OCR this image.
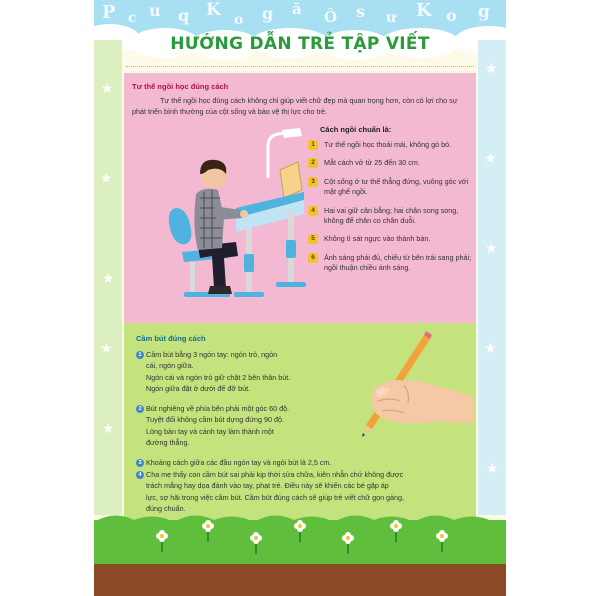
P c u q K o g ă Ô s ư K o g
★
★
★
★
★
★
★
★
★
★
HƯỚNG DẪN TRẺ TẬP VIẾT
Tư thế ngồi học đúng cách
Tư thế ngồi học đúng cách không chỉ giúp viết chữ đẹp mà quan trọng hơn, còn có lợi cho sự phát triển bình thường của cột sống và bảo vệ thị lực cho trẻ.
Cách ngồi chuẩn là:
1	Tư thế ngồi học thoải mái, không gò bó.
2	Mắt cách vở từ 25 đến 30 cm.
3	Cột sống ở tư thế thẳng đứng, vuông góc với mặt ghế ngồi.
4	Hai vai giữ cân bằng; hai chân song song, không để chân co chân duỗi.
5	Không tì sát ngực vào thành bàn.
6	Ánh sáng phải đủ, chiếu từ bên trái sang phải; ngồi thuận chiều ánh sáng.
Cầm bút đúng cách
1 Cầm bút bằng 3 ngón tay: ngón trỏ, ngón
cái, ngón giữa.
Ngón cái và ngón trỏ giữ chặt 2 bên thân bút.
Ngón giữa đặt ở dưới để đỡ bút.
2 Bút nghiêng về phía bên phải một góc 60 độ.
Tuyệt đối không cầm bút dựng đứng 90 độ.
Lòng bàn tay và cánh tay làm thành một
đường thẳng.
3 Khoảng cách giữa các đầu ngón tay và ngòi bút là 2,5 cm.
4 Cha mẹ thấy con cầm bút sai phải kịp thời sửa chữa, kiên nhẫn chứ không được
trách mắng hay dọa đánh vào tay, phạt trẻ. Điều này sẽ khiến các bé gặp áp
lực, sợ hãi trong việc cầm bút. Cầm bút đúng cách sẽ giúp trẻ viết chữ gọn gàng,
đúng chuẩn.
